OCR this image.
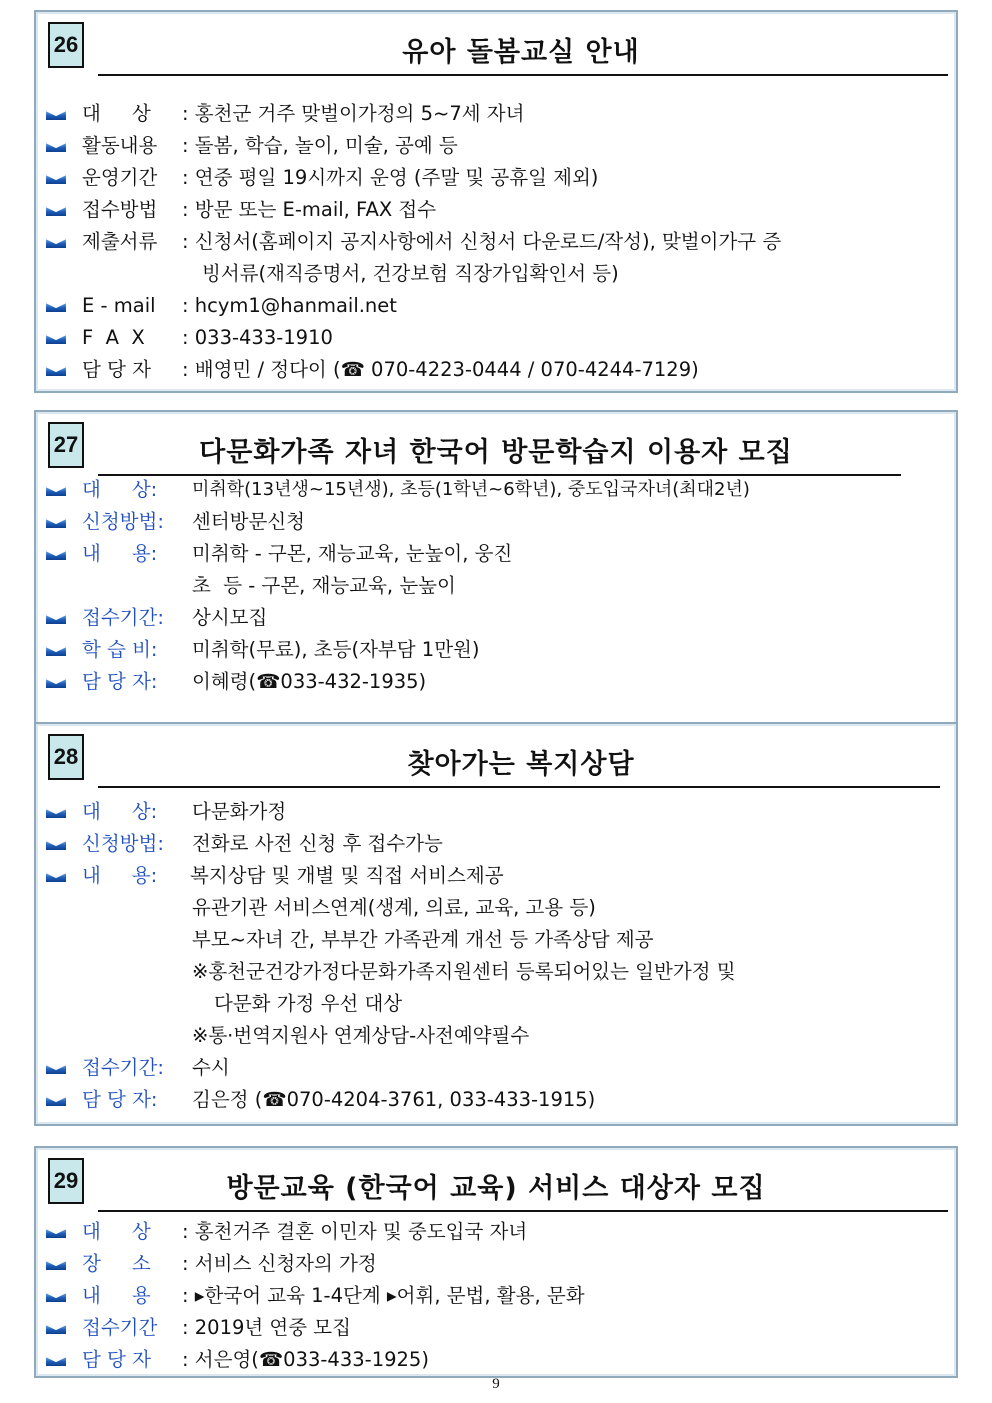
26	유아 돌봄교실 안내
대     상 : 홍천군 거주 맞벌이가정의 5~7세 자녀
활동내용 : 돌봄, 학습, 놀이, 미술, 공예 등
운영기간 : 연중 평일 19시까지 운영 (주말 및 공휴일 제외)
접수방법 : 방문 또는 E-mail, FAX 접수
제출서류 : 신청서(홈페이지 공지사항에서 신청서 다운로드/작성), 맞벌이가구 증
빙서류(재직증명서, 건강보험 직장가입확인서 등)
E - mail : hcym1@hanmail.net
F  A  X : 033-433-1910
담 당 자 : 배영민 / 정다이 (☎ 070-4223-0444 / 070-4244-7129)
27	다문화가족 자녀 한국어 방문학습지 이용자 모집
대     상: 미취학(13년생~15년생), 초등(1학년~6학년), 중도입국자녀(최대2년)
신청방법: 센터방문신청
내     용: 미취학 - 구몬, 재능교육, 눈높이, 웅진
초  등 - 구몬, 재능교육, 눈높이
접수기간: 상시모집
학 습 비: 미취학(무료), 초등(자부담 1만원)
담 당 자: 이혜령(☎033-432-1935)
28	찾아가는 복지상담
대     상: 다문화가정
신청방법: 전화로 사전 신청 후 접수가능
내     용: 복지상담 및 개별 및 직접 서비스제공
유관기관 서비스연계(생계, 의료, 교육, 고용 등)
부모~자녀 간, 부부간 가족관계 개선 등 가족상담 제공
※홍천군건강가정다문화가족지원센터 등록되어있는 일반가정 및
다문화 가정 우선 대상
※통·번역지원사 연계상담-사전예약필수
접수기간: 수시
담 당 자: 김은정 (☎070-4204-3761, 033-433-1915)
29	방문교육 (한국어 교육) 서비스 대상자 모집
대     상 : 홍천거주 결혼 이민자 및 중도입국 자녀
장     소 : 서비스 신청자의 가정
내     용 : ▸한국어 교육 1-4단계 ▸어휘, 문법, 활용, 문화
접수기간 : 2019년 연중 모집
담 당 자 : 서은영(☎033-433-1925)
9
